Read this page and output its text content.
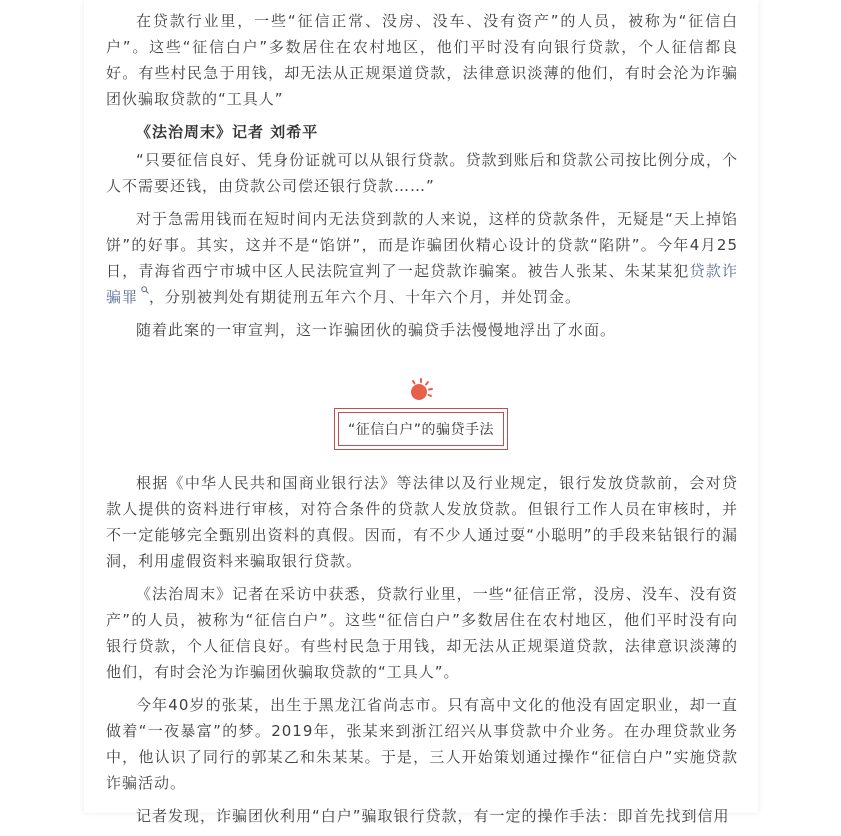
在贷款行业里，一些“征信正常、没房、没车、没有资产”的人员，被称为“征信白户”。这些“征信白户”多数居住在农村地区，他们平时没有向银行贷款，个人征信都良好。有些村民急于用钱，却无法从正规渠道贷款，法律意识淡薄的他们，有时会沦为诈骗团伙骗取贷款的“工具人”

《法治周末》记者 刘希平

“只要征信良好、凭身份证就可以从银行贷款。贷款到账后和贷款公司按比例分成，个人不需要还钱，由贷款公司偿还银行贷款……”

对于急需用钱而在短时间内无法贷到款的人来说，这样的贷款条件，无疑是“天上掉馅饼”的好事。其实，这并不是“馅饼”，而是诈骗团伙精心设计的贷款“陷阱”。今年4月25日，青海省西宁市城中区人民法院宣判了一起贷款诈骗案。被告人张某、朱某某犯贷款诈骗罪 ，分别被判处有期徒刑五年六个月、十年六个月，并处罚金。

随着此案的一审宣判，这一诈骗团伙的骗贷手法慢慢地浮出了水面。

“征信白户”的骗贷手法

根据《中华人民共和国商业银行法》等法律以及行业规定，银行发放贷款前，会对贷款人提供的资料进行审核，对符合条件的贷款人发放贷款。但银行工作人员在审核时，并不一定能够完全甄别出资料的真假。因而，有不少人通过耍“小聪明”的手段来钻银行的漏洞，利用虚假资料来骗取银行贷款。

《法治周末》记者在采访中获悉，贷款行业里，一些“征信正常，没房、没车、没有资产”的人员，被称为“征信白户”。这些“征信白户”多数居住在农村地区，他们平时没有向银行贷款，个人征信良好。有些村民急于用钱，却无法从正规渠道贷款，法律意识淡薄的他们，有时会沦为诈骗团伙骗取贷款的“工具人”。

今年40岁的张某，出生于黑龙江省尚志市。只有高中文化的他没有固定职业，却一直做着“一夜暴富”的梦。2019年，张某来到浙江绍兴从事贷款中介业务。在办理贷款业务中，他认识了同行的郭某乙和朱某某。于是，三人开始策划通过操作“征信白户”实施贷款诈骗活动。

记者发现，诈骗团伙利用“白户”骗取银行贷款，有一定的操作手法：即首先找到信用
